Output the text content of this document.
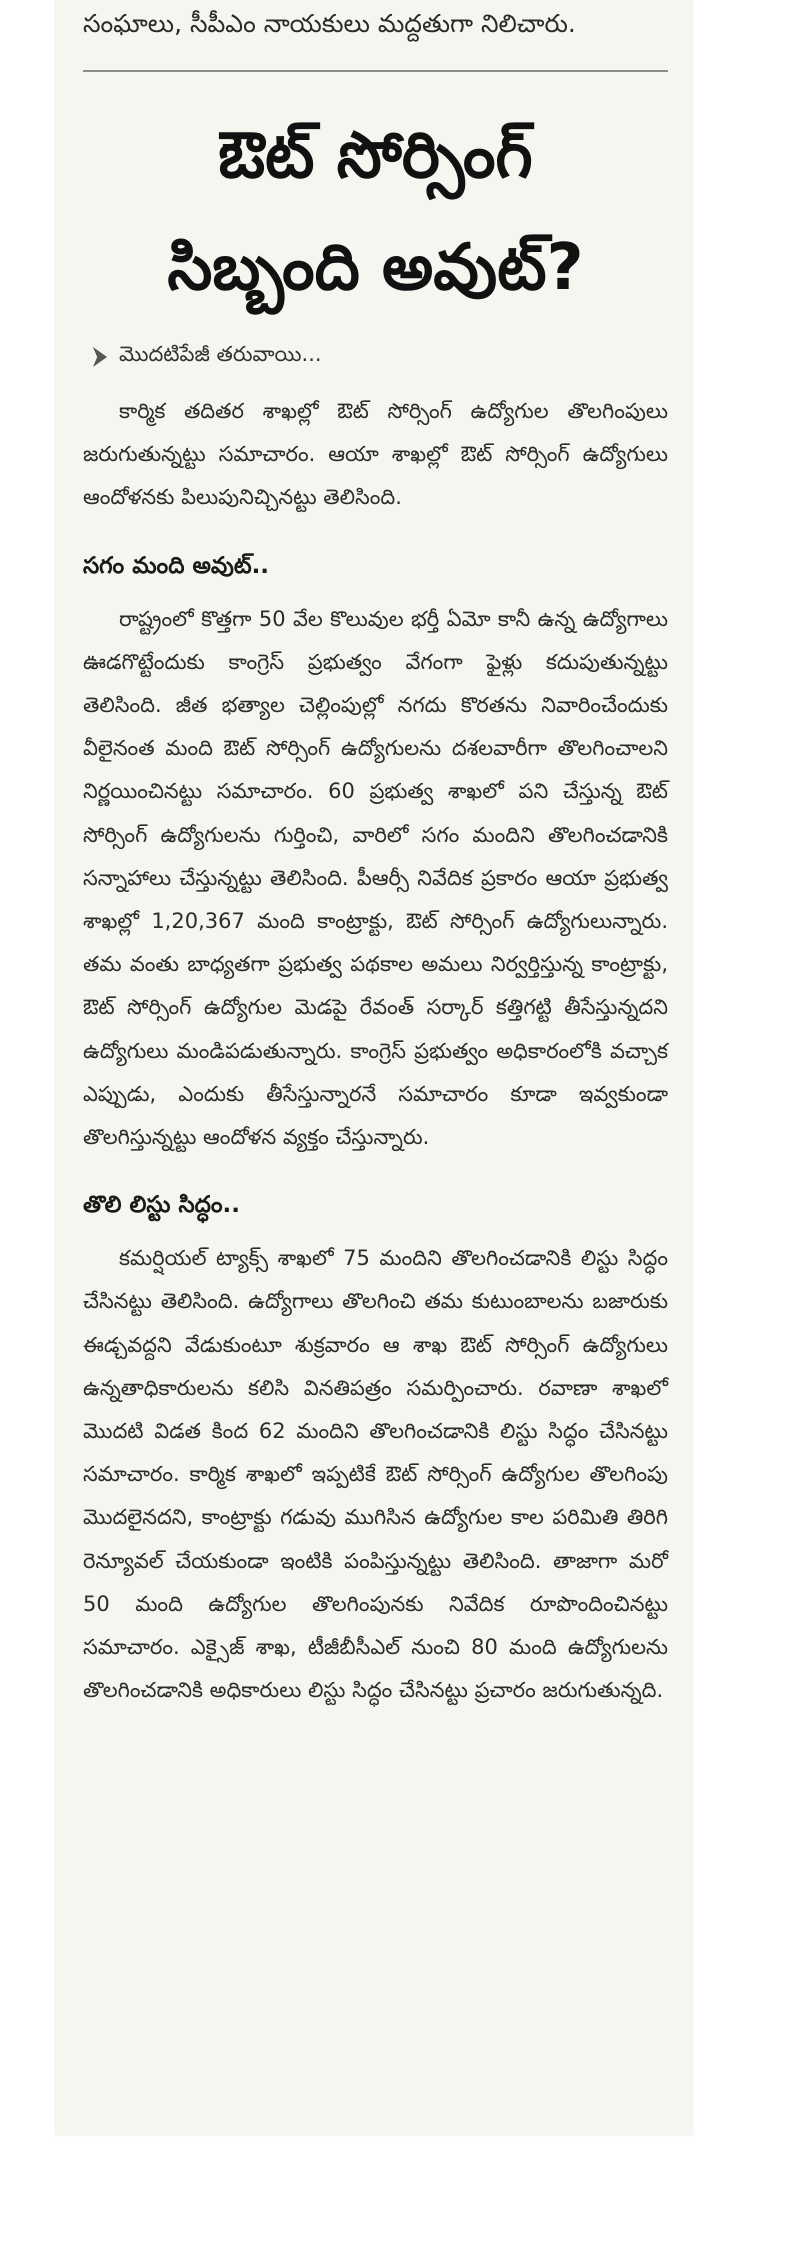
సంఘాలు, సీపీఎం నాయకులు మద్దతుగా నిలిచారు.
ఔట్ సోర్సింగ్
సిబ్బంది అవుట్?
మొదటిపేజీ తరువాయి...

కార్మిక తదితర శాఖల్లో ఔట్ సోర్సింగ్ ఉద్యోగుల తొలగింపులు జరుగుతున్నట్టు సమాచారం. ఆయా శాఖల్లో ఔట్ సోర్సింగ్ ఉద్యోగులు ఆందోళనకు పిలుపునిచ్చినట్టు తెలిసింది.

సగం మంది అవుట్..

రాష్ట్రంలో కొత్తగా 50 వేల కొలువుల భర్తీ ఏమో కానీ ఉన్న ఉద్యోగాలు ఊడగొట్టేందుకు కాంగ్రెస్ ప్రభుత్వం వేగంగా ఫైళ్లు కదుపుతున్నట్టు తెలిసింది. జీత భత్యాల చెల్లింపుల్లో నగదు కొరతను నివారించేందుకు వీలైనంత మంది ఔట్ సోర్సింగ్ ఉద్యోగులను దశలవారీగా తొలగించాలని నిర్ణయించినట్టు సమాచారం. 60 ప్రభుత్వ శాఖలో పని చేస్తున్న ఔట్ సోర్సింగ్ ఉద్యోగులను గుర్తించి, వారిలో సగం మందిని తొలగించడానికి సన్నాహాలు చేస్తున్నట్టు తెలిసింది. పీఆర్సీ నివేదిక ప్రకారం ఆయా ప్రభుత్వ శాఖల్లో 1,20,367 మంది కాంట్రాక్టు, ఔట్ సోర్సింగ్ ఉద్యోగులున్నారు. తమ వంతు బాధ్యతగా ప్రభుత్వ పథకాల అమలు నిర్వర్తిస్తున్న కాంట్రాక్టు, ఔట్ సోర్సింగ్ ఉద్యోగుల మెడపై రేవంత్ సర్కార్ కత్తిగట్టి తీసేస్తున్నదని ఉద్యోగులు మండిపడుతున్నారు. కాంగ్రెస్ ప్రభుత్వం అధికారంలోకి వచ్చాక ఎప్పుడు, ఎందుకు తీసేస్తున్నారనే సమాచారం కూడా ఇవ్వకుండా తొలగిస్తున్నట్టు ఆందోళన వ్యక్తం చేస్తున్నారు.

తొలి లిస్టు సిద్ధం..

కమర్షియల్ ట్యాక్స్ శాఖలో 75 మందిని తొలగించడానికి లిస్టు సిద్ధం చేసినట్టు తెలిసింది. ఉద్యోగాలు తొలగించి తమ కుటుంబాలను బజారుకు ఈడ్చవద్దని వేడుకుంటూ శుక్రవారం ఆ శాఖ ఔట్ సోర్సింగ్ ఉద్యోగులు ఉన్నతాధికారులను కలిసి వినతిపత్రం సమర్పించారు. రవాణా శాఖలో మొదటి విడత కింద 62 మందిని తొలగించడానికి లిస్టు సిద్ధం చేసినట్టు సమాచారం. కార్మిక శాఖలో ఇప్పటికే ఔట్ సోర్సింగ్ ఉద్యోగుల తొలగింపు మొదలైనదని, కాంట్రాక్టు గడువు ముగిసిన ఉద్యోగుల కాల పరిమితి తిరిగి రెన్యూవల్ చేయకుండా ఇంటికి పంపిస్తున్నట్టు తెలిసింది. తాజాగా మరో 50 మంది ఉద్యోగుల తొలగింపునకు నివేదిక రూపొందించినట్టు సమాచారం. ఎక్సైజ్ శాఖ, టీజీబీసీఎల్ నుంచి 80 మంది ఉద్యోగులను తొలగించడానికి అధికారులు లిస్టు సిద్ధం చేసినట్టు ప్రచారం జరుగుతున్నది.
